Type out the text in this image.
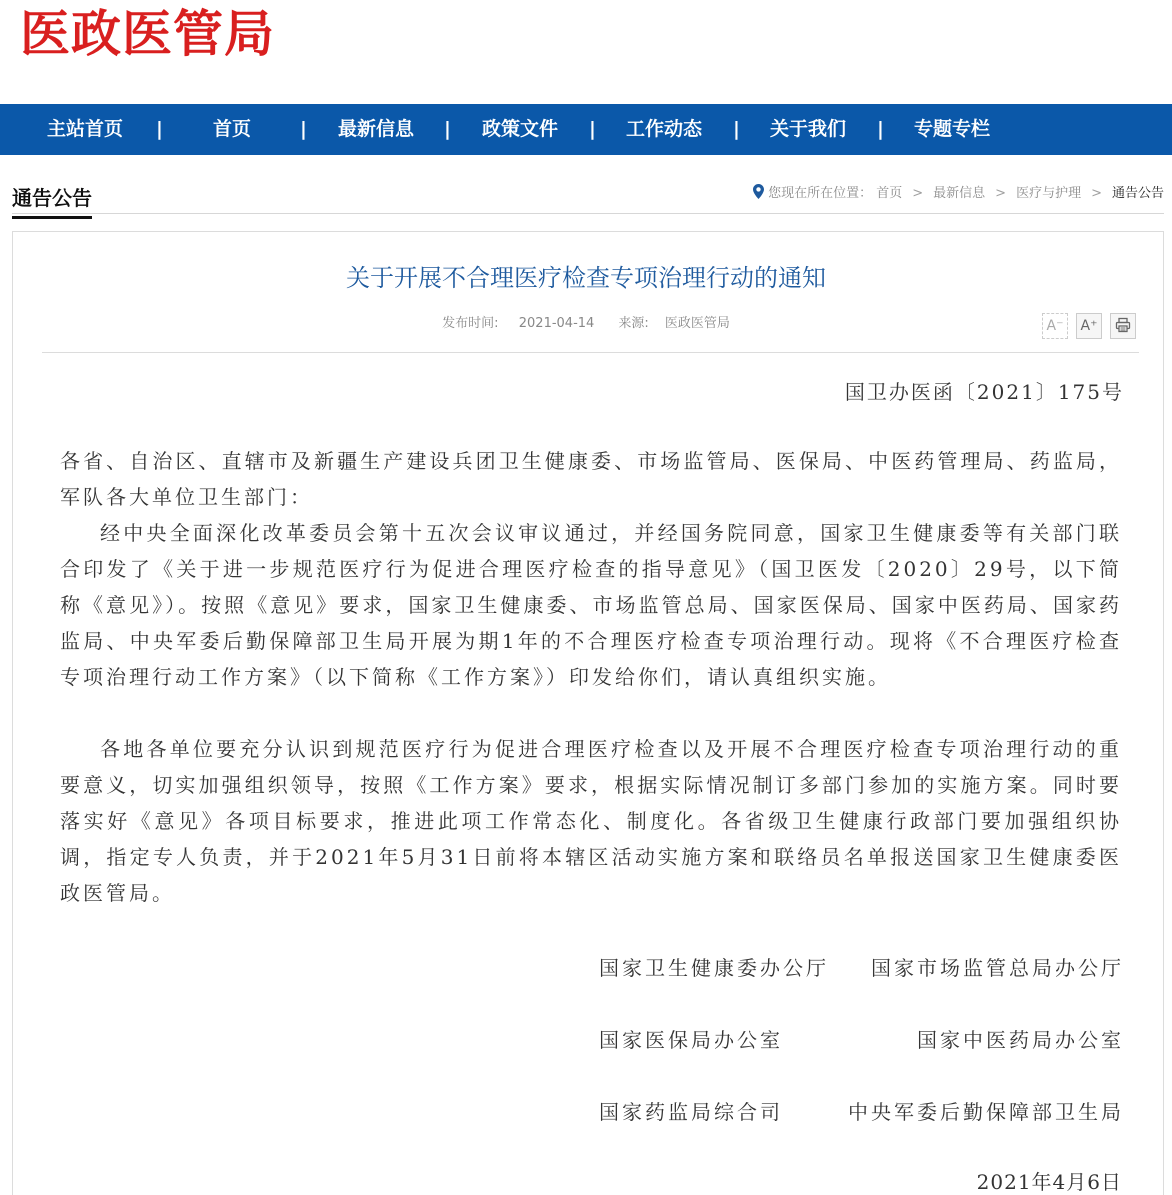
医政医管局
主站首页 |	首页	| 最新信息 | 政策文件 | 工作动态 | 关于我们 | 专题专栏
通告公告	您现在所在位置： 首页 > 最新信息 > 医疗与护理 > 通告公告
关于开展不合理医疗检查专项治理行动的通知
发布时间: 2021-04-14 来源: 医政医管局	A⁻ A⁺
国卫办医函〔2021〕175号

各省、自治区、直辖市及新疆生产建设兵团卫生健康委、市场监管局、医保局、中医药管理局、药监局，军队各大单位卫生部门：

经中央全面深化改革委员会第十五次会议审议通过，并经国务院同意，国家卫生健康委等有关部门联合印发了《关于进一步规范医疗行为促进合理医疗检查的指导意见》（国卫医发〔2020〕29号，以下简称《意见》）。按照《意见》要求，国家卫生健康委、市场监管总局、国家医保局、国家中医药局、国家药监局、中央军委后勤保障部卫生局开展为期1年的不合理医疗检查专项治理行动。现将《不合理医疗检查专项治理行动工作方案》（以下简称《工作方案》）印发给你们，请认真组织实施。

各地各单位要充分认识到规范医疗行为促进合理医疗检查以及开展不合理医疗检查专项治理行动的重要意义，切实加强组织领导，按照《工作方案》要求，根据实际情况制订多部门参加的实施方案。同时要落实好《意见》各项目标要求，推进此项工作常态化、制度化。各省级卫生健康行政部门要加强组织协调，指定专人负责，并于2021年5月31日前将本辖区活动实施方案和联络员名单报送国家卫生健康委医政医管局。

国家卫生健康委办公厅 国家市场监管总局办公厅
国家医保局办公室	国家中医药局办公室
国家药监局综合司	中央军委后勤保障部卫生局
2021年4月6日
